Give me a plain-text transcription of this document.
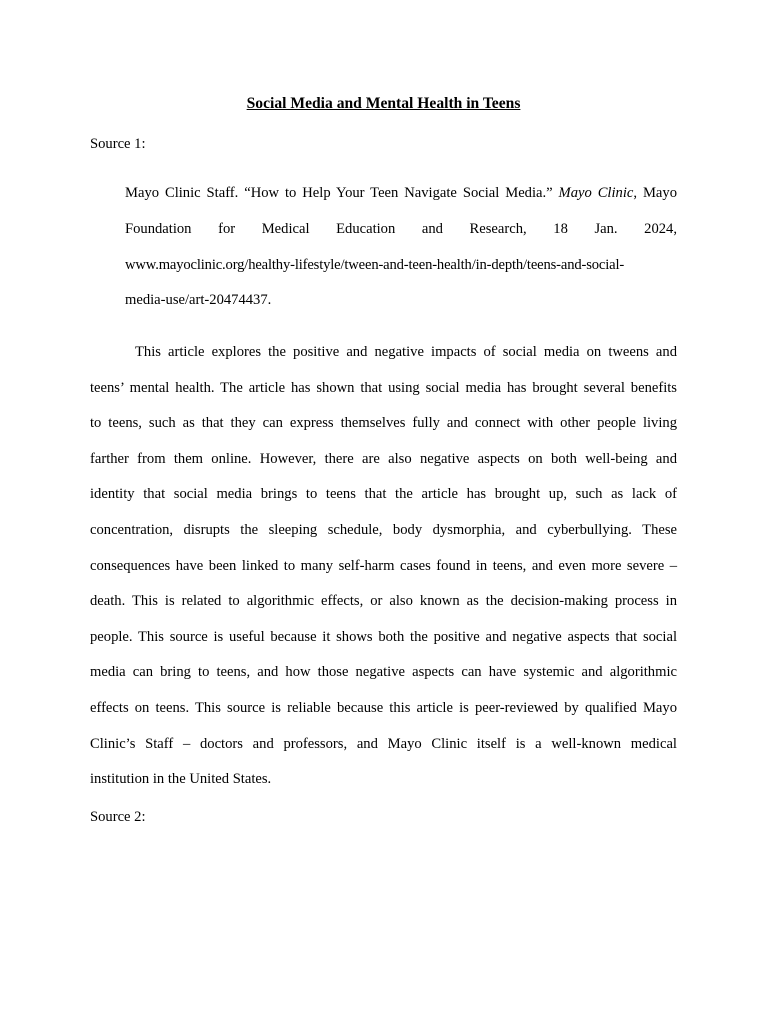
Social Media and Mental Health in Teens
Source 1:
Mayo Clinic Staff. “How to Help Your Teen Navigate Social Media.” Mayo Clinic, Mayo
Foundation for Medical Education and Research, 18 Jan. 2024,
www.mayoclinic.org/healthy-lifestyle/tween-and-teen-health/in-depth/teens-and-social-
media-use/art-20474437.
This article explores the positive and negative impacts of social media on tweens and
teens’ mental health. The article has shown that using social media has brought several benefits
to teens, such as that they can express themselves fully and connect with other people living
farther from them online. However, there are also negative aspects on both well-being and
identity that social media brings to teens that the article has brought up, such as lack of
concentration, disrupts the sleeping schedule, body dysmorphia, and cyberbullying. These
consequences have been linked to many self-harm cases found in teens, and even more severe –
death. This is related to algorithmic effects, or also known as the decision-making process in
people. This source is useful because it shows both the positive and negative aspects that social
media can bring to teens, and how those negative aspects can have systemic and algorithmic
effects on teens. This source is reliable because this article is peer-reviewed by qualified Mayo
Clinic’s Staff – doctors and professors, and Mayo Clinic itself is a well-known medical
institution in the United States.
Source 2:
